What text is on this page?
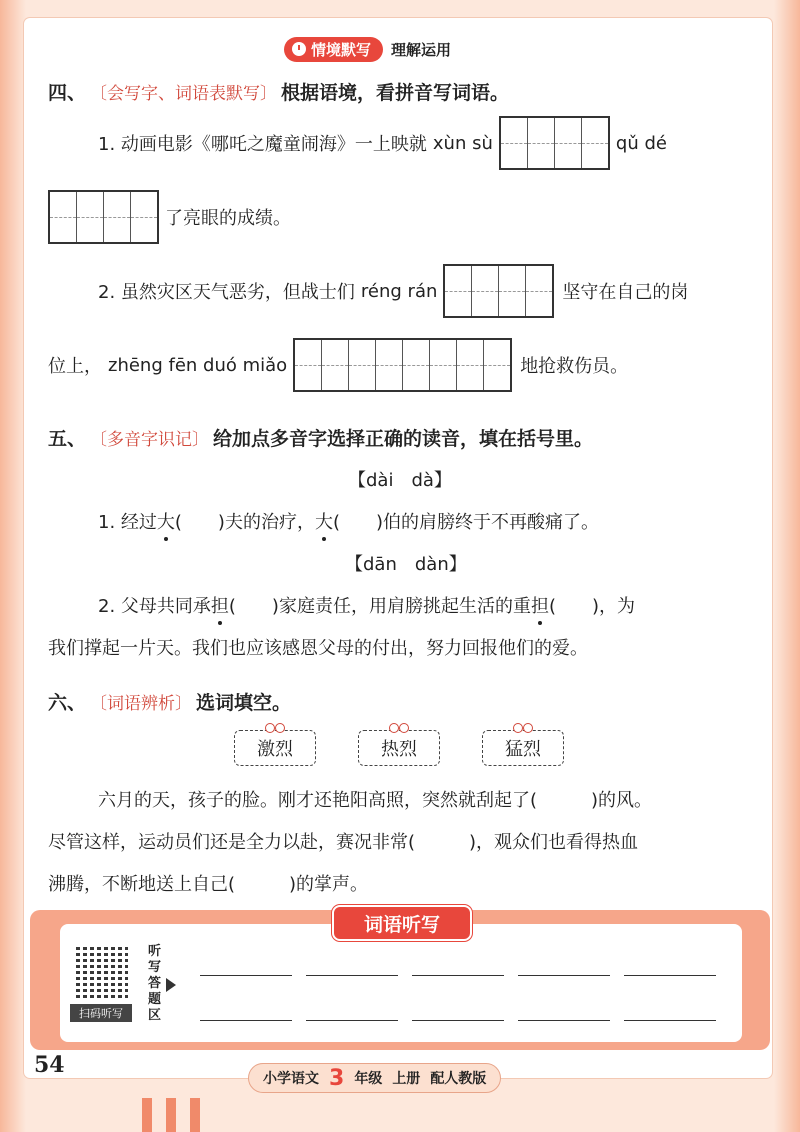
情境默写 理解运用
四、 〔会写字、词语表默写〕 根据语境，看拼音写词语。
1. 动画电影《哪吒之魔童闹海》一上映就 xùn sù	qǔ dé
了亮眼的成绩。
2. 虽然灾区天气恶劣，但战士们 réng rán	坚守在自己的岗
位上， zhēng fēn duó miǎo	地抢救伤员。
五、 〔多音字识记〕 给加点多音字选择正确的读音，填在括号里。
【dài　dà】
1. 经过 大 (　　)夫的治疗， 大 (　　)伯的肩膀终于不再酸痛了。
【dān　dàn】
2. 父母共同承 担 (　　)家庭责任，用肩膀挑起生活的重 担 (　　)，为
我们撑起一片天。我们也应该感恩父母的付出，努力回报他们的爱。
六、 〔词语辨析〕 选词填空。
激烈	热烈	猛烈
六月的天，孩子的脸。刚才还艳阳高照，突然就刮起了(　　　)的风。
尽管这样，运动员们还是全力以赴，赛况非常(　　　)，观众们也看得热血
沸腾，不断地送上自己(　　　)的掌声。
词语听写
扫码听写
听写答题区
54
小学语文 3 年级 上册 配人教版
